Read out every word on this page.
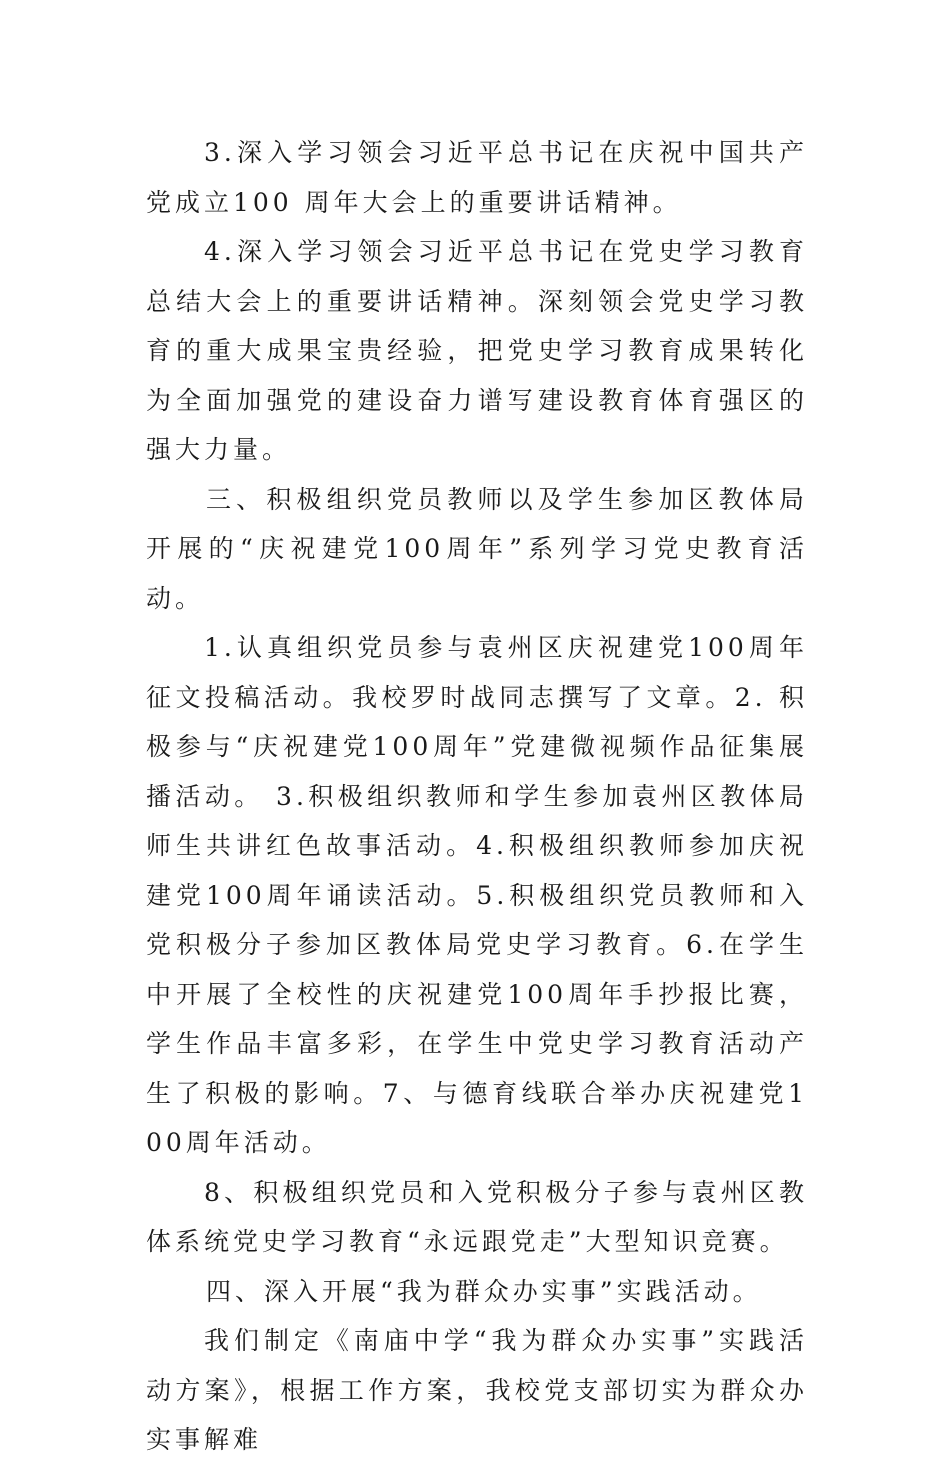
3.深入学习领会习近平总书记在庆祝中国共产党成立100 周年大会上的重要讲话精神。

4.深入学习领会习近平总书记在党史学习教育总结大会上的重要讲话精神。深刻领会党史学习教育的重大成果宝贵经验，把党史学习教育成果转化为全面加强党的建设奋力谱写建设教育体育强区的强大力量。

三、积极组织党员教师以及学生参加区教体局开展的“庆祝建党100周年”系列学习党史教育活动。

1.认真组织党员参与袁州区庆祝建党100周年征文投稿活动。我校罗时战同志撰写了文章。2. 积极参与“庆祝建党100周年”党建微视频作品征集展播活动。 3.积极组织教师和学生参加袁州区教体局师生共讲红色故事活动。4.积极组织教师参加庆祝建党100周年诵读活动。5.积极组织党员教师和入党积极分子参加区教体局党史学习教育。6.在学生中开展了全校性的庆祝建党100周年手抄报比赛，学生作品丰富多彩，在学生中党史学习教育活动产生了积极的影响。7、与德育线联合举办庆祝建党100周年活动。

8、积极组织党员和入党积极分子参与袁州区教体系统党史学习教育“永远跟党走”大型知识竞赛。

四、深入开展“我为群众办实事”实践活动。

我们制定《南庙中学“我为群众办实事”实践活动方案》，根据工作方案，我校党支部切实为群众办实事解难
